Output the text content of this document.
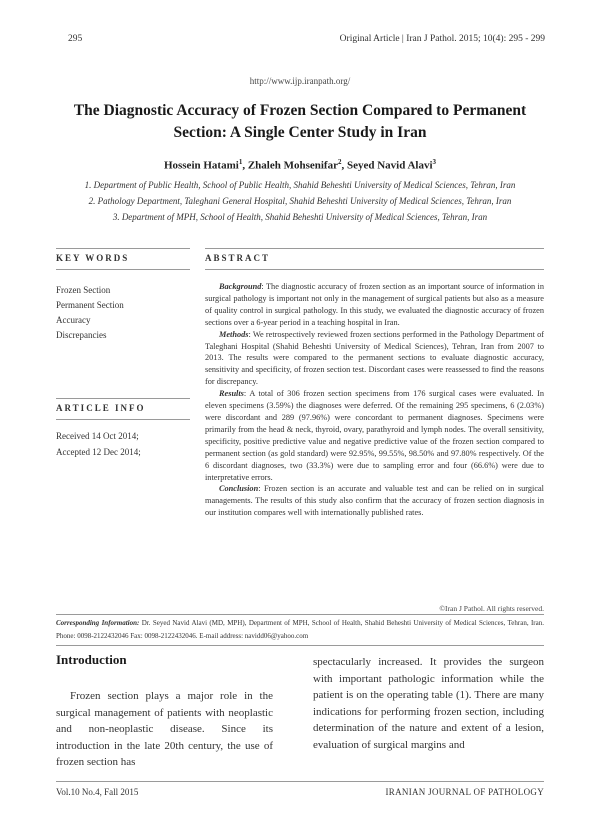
295	Original Article | Iran J Pathol. 2015; 10(4): 295 - 299
http://www.ijp.iranpath.org/
The Diagnostic Accuracy of Frozen Section Compared to Permanent Section: A Single Center Study in Iran
Hossein Hatami$^1$, Zhaleh Mohsenifar$^2$, Seyed Navid Alavi$^3$
1. Department of Public Health, School of Public Health, Shahid Beheshti University of Medical Sciences, Tehran, Iran
2. Pathology Department, Taleghani General Hospital, Shahid Beheshti University of Medical Sciences, Tehran, Iran
3. Department of MPH, School of Health, Shahid Beheshti University of Medical Sciences, Tehran, Iran
KEY WORDS
Frozen Section
Permanent Section
Accuracy
Discrepancies
ARTICLE INFO
Received 14 Oct 2014;
Accepted 12 Dec 2014;
ABSTRACT

Background: The diagnostic accuracy of frozen section as an important source of information in surgical pathology is important not only in the management of surgical patients but also as a measure of quality control in surgical pathology. In this study, we evaluated the diagnostic accuracy of frozen sections over a 6-year period in a teaching hospital in Iran.

Methods: We retrospectively reviewed frozen sections performed in the Pathology Department of Taleghani Hospital (Shahid Beheshti University of Medical Sciences), Tehran, Iran from 2007 to 2013. The results were compared to the permanent sections to evaluate diagnostic accuracy, sensitivity and specificity, of frozen section test. Discordant cases were reassessed to find the reasons for discrepancy.

Results: A total of 306 frozen section specimens from 176 surgical cases were evaluated. In eleven specimens (3.59%) the diagnoses were deferred. Of the remaining 295 specimens, 6 (2.03%) were discordant and 289 (97.96%) were concordant to permanent diagnoses. Specimens were primarily from the head & neck, thyroid, ovary, parathyroid and lymph nodes. The overall sensitivity, specificity, positive predictive value and negative predictive value of the frozen section compared to permanent section (as gold standard) were 92.95%, 99.55%, 98.50% and 97.80% respectively. Of the 6 discordant diagnoses, two (33.3%) were due to sampling error and four (66.6%) were due to interpretative errors.

Conclusion: Frozen section is an accurate and valuable test and can be relied on in surgical managements. The results of this study also confirm that the accuracy of frozen section diagnosis in our institution compares well with internationally published rates.

©Iran J Pathol. All rights reserved.
Corresponding Information: Dr. Seyed Navid Alavi (MD, MPH), Department of MPH, School of Health, Shahid Beheshti University of Medical Sciences, Tehran, Iran. Phone: 0098-2122432046 Fax: 0098-2122432046. E-mail address: navidd06@yahoo.com
Introduction
Frozen section plays a major role in the surgical management of patients with neoplastic and non-neoplastic disease. Since its introduction in the late 20th century, the use of frozen section has
spectacularly increased. It provides the surgeon with important pathologic information while the patient is on the operating table (1). There are many indications for performing frozen section, including determination of the nature and extent of a lesion, evaluation of surgical margins and
Vol.10 No.4, Fall 2015	IRANIAN JOURNAL OF PATHOLOGY
